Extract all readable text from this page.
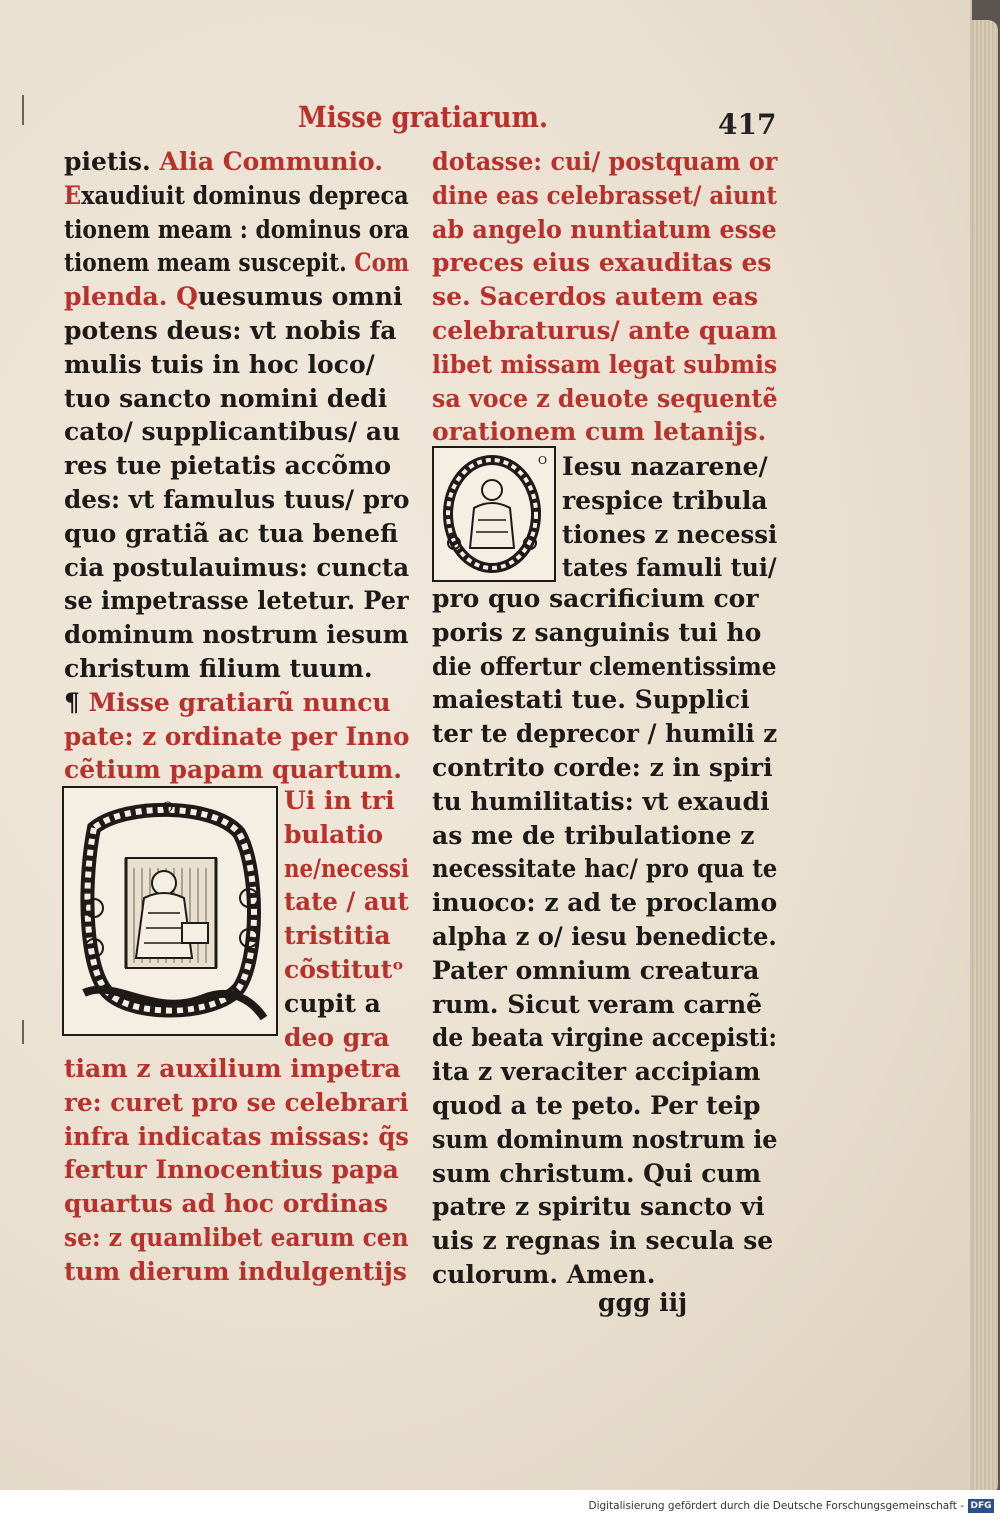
Misse gratiarum.	417
pietis. Alia Communio.
Exaudiuit dominus depreca
tionem meam : dominus ora
tionem meam suscepit. Com
plenda. Quesumus omni
potens deus: vt nobis fa
mulis tuis in hoc loco/
tuo sancto nomini dedi
cato/ supplicantibus/ au
res tue pietatis accõmo
des: vt famulus tuus/ pro
quo gratiã ac tua benefi
cia postulauimus: cuncta
se impetrasse letetur. Per
dominum nostrum iesum
christum filium tuum.
¶ Misse gratiarũ nuncu
pate: z ordinate per Inno
cẽtium papam quartum.
Ui in tri
bulatio
ne/necessi
tate / aut
tristitia
cõstitutᵒ
cupit a
deo gra
tiam z auxilium impetra
re: curet pro se celebrari
infra indicatas missas: q̃s
fertur Innocentius papa
quartus ad hoc ordinas
se: z quamlibet earum cen
tum dierum indulgentijs
dotasse: cui/ postquam or
dine eas celebrasset/ aiunt
ab angelo nuntiatum esse
preces eius exauditas es
se. Sacerdos autem eas
celebraturus/ ante quam
libet missam legat submis
sa voce z deuote sequentẽ
orationem cum letanijs.
Iesu nazarene/
respice tribula
tiones z necessi
tates famuli tui/
pro quo sacrificium cor
poris z sanguinis tui ho
die offertur clementissime
maiestati tue. Supplici
ter te deprecor / humili z
contrito corde: z in spiri
tu humilitatis: vt exaudi
as me de tribulatione z
necessitate hac/ pro qua te
inuoco: z ad te proclamo
alpha z o/ iesu benedicte.
Pater omnium creatura
rum. Sicut veram carnẽ
de beata virgine accepisti:
ita z veraciter accipiam
quod a te peto. Per teip
sum dominum nostrum ie
sum christum. Qui cum
patre z spiritu sancto vi
uis z regnas in secula se
culorum. Amen.
Q
O
ggg iij
Digitalisierung gefördert durch die Deutsche Forschungsgemeinschaft - DFG
